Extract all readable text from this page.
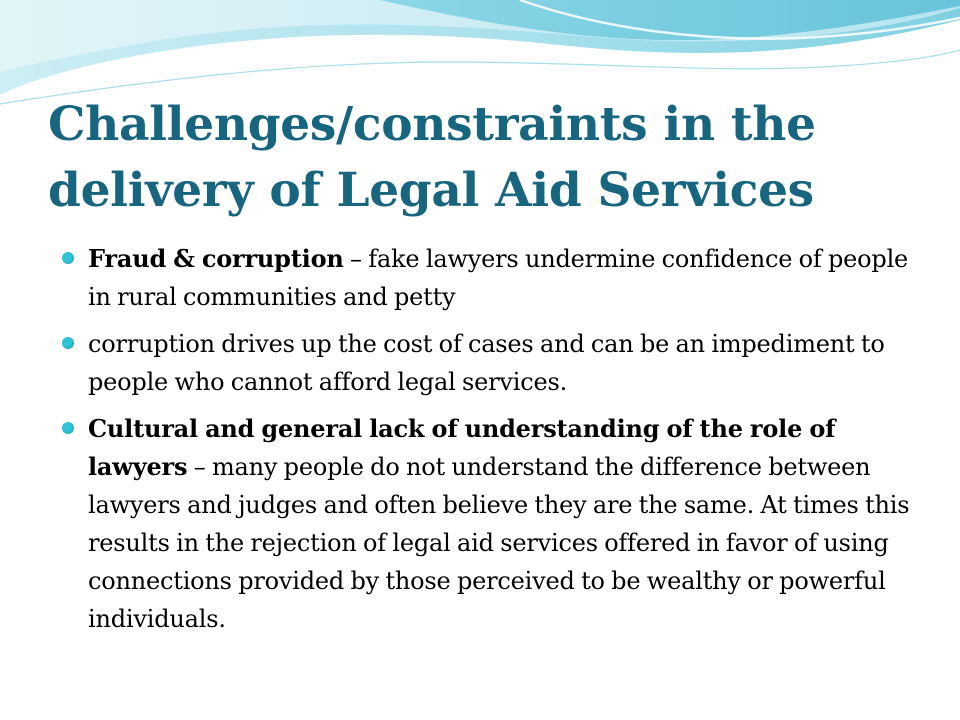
Challenges/constraints in the delivery of Legal Aid Services
Fraud & corruption – fake lawyers undermine confidence of people in rural communities and petty
corruption drives up the cost of cases and can be an impediment to people who cannot afford legal services.
Cultural and general lack of understanding of the role of lawyers – many people do not understand the difference between lawyers and judges and often believe they are the same. At times this results in the rejection of legal aid services offered in favor of using connections provided by those perceived to be wealthy or powerful individuals.
